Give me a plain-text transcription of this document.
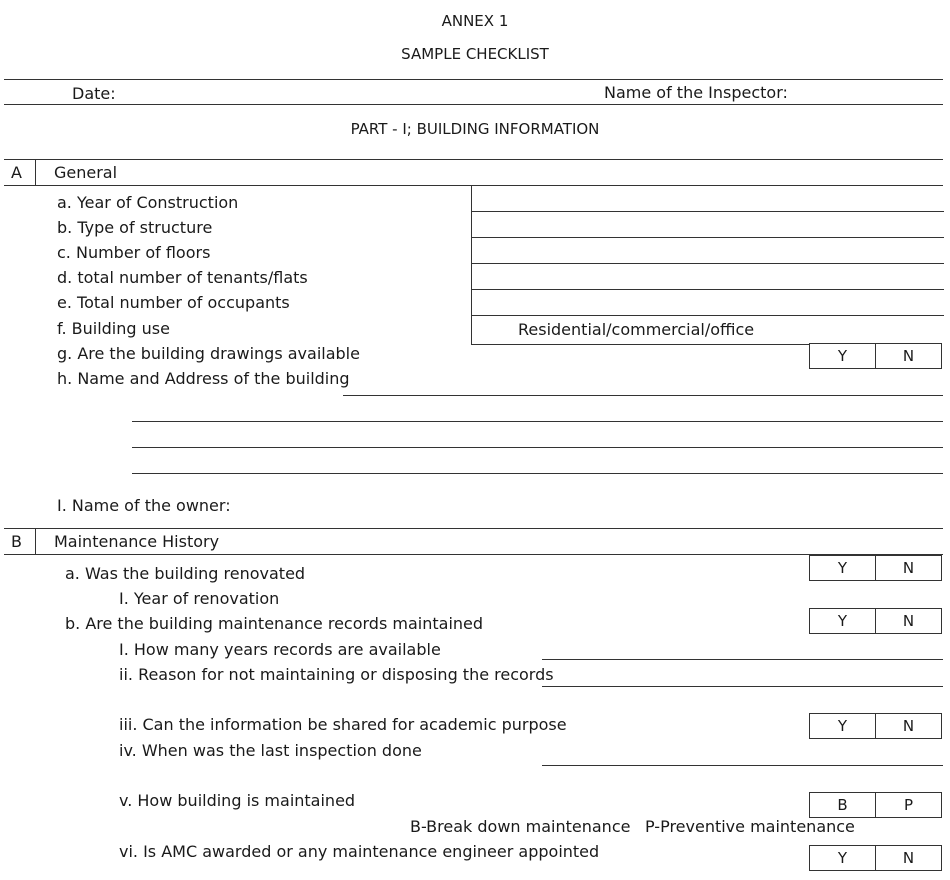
ANNEX 1
SAMPLE CHECKLIST
Date:	Name of the Inspector:
PART - I; BUILDING INFORMATION
A General
a. Year of Construction
b. Type of structure
c. Number of floors
d. total number of tenants/flats
e. Total number of occupants
f. Building use	Residential/commercial/office
g. Are the building drawings available	Y	N
h. Name and Address of the building
I. Name of the owner:
B Maintenance History
a. Was the building renovated	Y	N
I. Year of renovation
b. Are the building maintenance records maintained	Y	N
I. How many years records are available
ii. Reason for not maintaining or disposing the records
iii. Can the information be shared for academic purpose	Y	N
iv. When was the last inspection done
v. How building is maintained	B	P
B-Break down maintenance P-Preventive maintenance
vi. Is AMC awarded or any maintenance engineer appointed	Y	N
